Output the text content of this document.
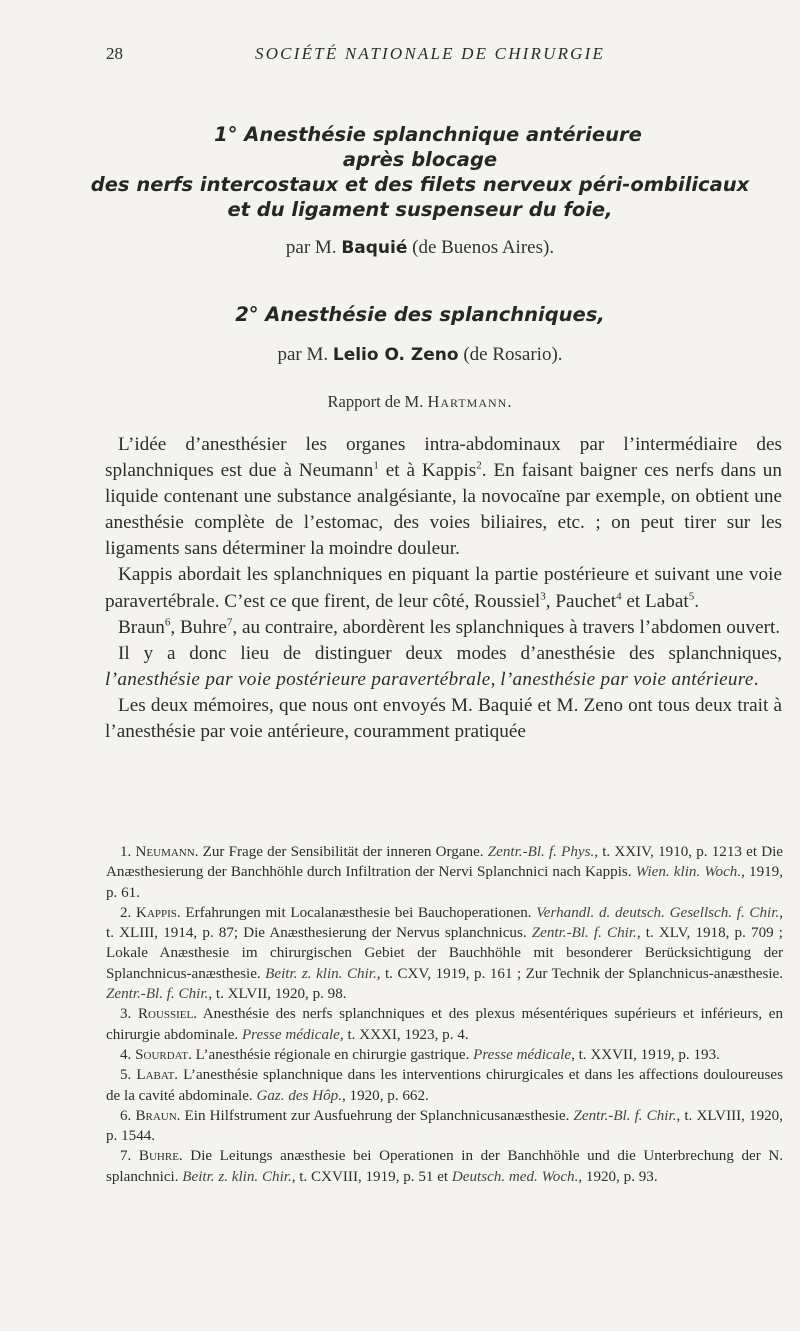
28	SOCIÉTÉ NATIONALE DE CHIRURGIE
1° Anesthésie splanchnique antérieure
après blocage
des nerfs intercostaux et des filets nerveux péri-ombilicaux
et du ligament suspenseur du foie,
par M. Baquié (de Buenos Aires).
2° Anesthésie des splanchniques,
par M. Lelio O. Zeno (de Rosario).
Rapport de M. Hartmann.

L’idée d’anesthésier les organes intra-abdominaux par l’intermédiaire des splanchniques est due à Neumann$^1$ et à Kappis$^2$. En faisant baigner ces nerfs dans un liquide contenant une substance analgésiante, la novocaïne par exemple, on obtient une anesthésie complète de l’estomac, des voies biliaires, etc. ; on peut tirer sur les ligaments sans déterminer la moindre douleur.

Kappis abordait les splanchniques en piquant la partie postérieure et suivant une voie paravertébrale. C’est ce que firent, de leur côté, Roussiel$^3$, Pauchet$^4$ et Labat$^5$.

Braun$^6$, Buhre$^7$, au contraire, abordèrent les splanchniques à travers l’abdomen ouvert.

Il y a donc lieu de distinguer deux modes d’anesthésie des splanchniques, l’anesthésie par voie postérieure paravertébrale, l’anesthésie par voie antérieure.

Les deux mémoires, que nous ont envoyés M. Baquié et M. Zeno ont tous deux trait à l’anesthésie par voie antérieure, couramment pratiquée

1. Neumann. Zur Frage der Sensibilität der inneren Organe. Zentr.-Bl. f. Phys., t. XXIV, 1910, p. 1213 et Die Anæsthesierung der Banchhöhle durch Infiltration der Nervi Splanchnici nach Kappis. Wien. klin. Woch., 1919, p. 61.

2. Kappis. Erfahrungen mit Localanæsthesie bei Bauchoperationen. Verhandl. d. deutsch. Gesellsch. f. Chir., t. XLIII, 1914, p. 87; Die Anæsthesierung der Nervus splanchnicus. Zentr.-Bl. f. Chir., t. XLV, 1918, p. 709 ; Lokale Anæsthesie im chirurgischen Gebiet der Bauchhöhle mit besonderer Berücksichtigung der Splanchnicus-anæsthesie. Beitr. z. klin. Chir., t. CXV, 1919, p. 161 ; Zur Technik der Splanchnicus-anæsthesie. Zentr.-Bl. f. Chir., t. XLVII, 1920, p. 98.

3. Roussiel. Anesthésie des nerfs splanchniques et des plexus mésentériques supérieurs et inférieurs, en chirurgie abdominale. Presse médicale, t. XXXI, 1923, p. 4.

4. Sourdat. L’anesthésie régionale en chirurgie gastrique. Presse médicale, t. XXVII, 1919, p. 193.

5. Labat. L’anesthésie splanchnique dans les interventions chirurgicales et dans les affections douloureuses de la cavité abdominale. Gaz. des Hôp., 1920, p. 662.

6. Braun. Ein Hilfstrument zur Ausfuehrung der Splanchnicusanæsthesie. Zentr.-Bl. f. Chir., t. XLVIII, 1920, p. 1544.

7. Buhre. Die Leitungs anæsthesie bei Operationen in der Banchhöhle und die Unterbrechung der N. splanchnici. Beitr. z. klin. Chir., t. CXVIII, 1919, p. 51 et Deutsch. med. Woch., 1920, p. 93.
